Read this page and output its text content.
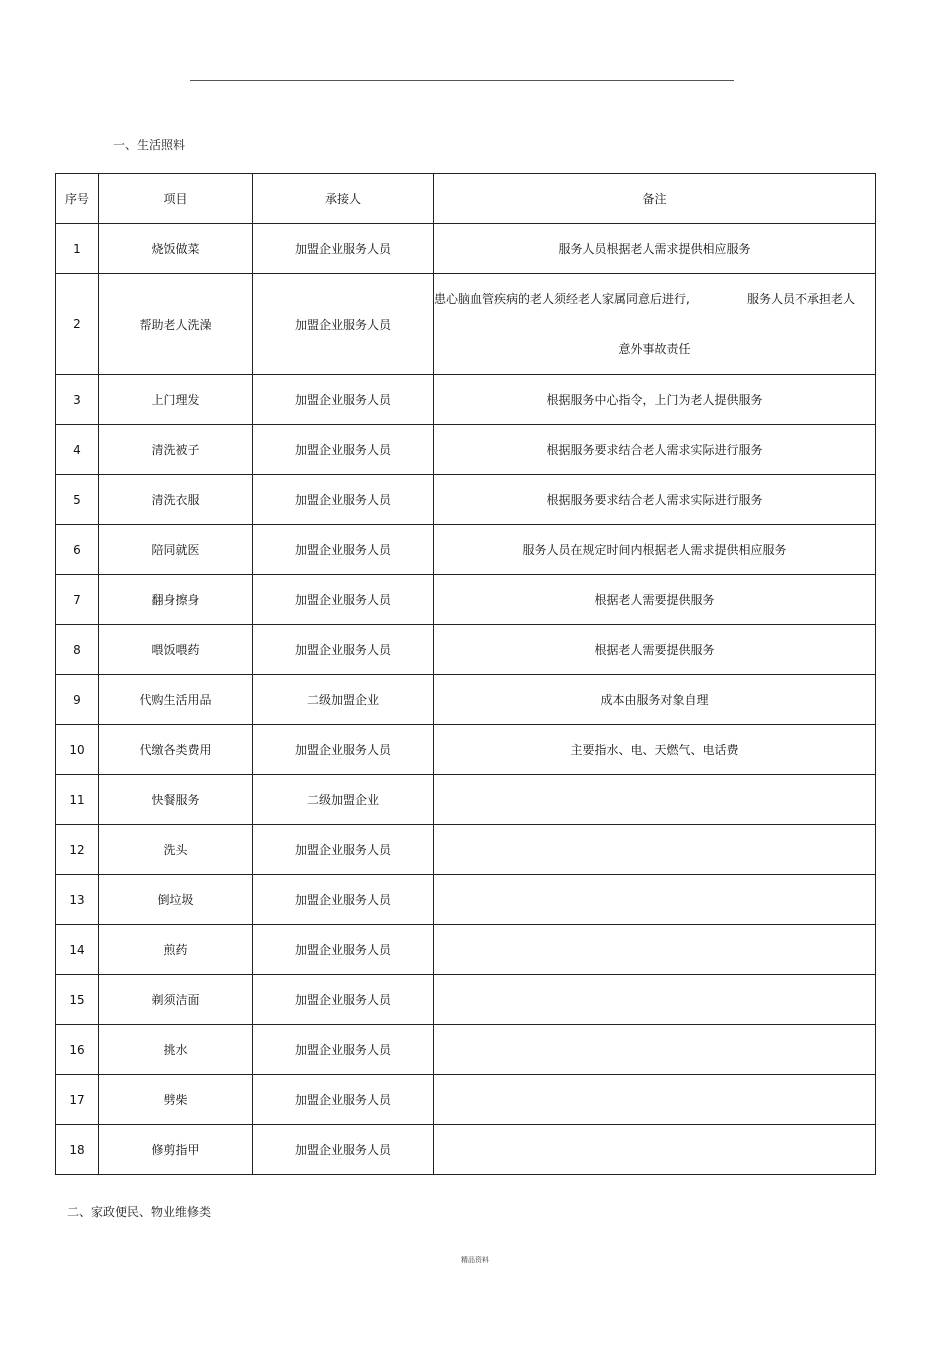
一、生活照料
序号	项目	承接人	备注
1	烧饭做菜	加盟企业服务人员	服务人员根据老人需求提供相应服务
2	帮助老人洗澡	加盟企业服务人员	患心脑血管疾病的老人须经老人家属同意后进行, 服务人员不承担老人
意外事故责任

3	上门理发	加盟企业服务人员	根据服务中心指令，上门为老人提供服务
4	清洗被子	加盟企业服务人员	根据服务要求结合老人需求实际进行服务
5	清洗衣服	加盟企业服务人员	根据服务要求结合老人需求实际进行服务
6	陪同就医	加盟企业服务人员	服务人员在规定时间内根据老人需求提供相应服务
7	翻身擦身	加盟企业服务人员	根据老人需要提供服务
8	喂饭喂药	加盟企业服务人员	根据老人需要提供服务
9	代购生活用品	二级加盟企业	成本由服务对象自理
10	代缴各类费用	加盟企业服务人员	主要指水、电、天燃气、电话费
11	快餐服务	二级加盟企业	
12	洗头	加盟企业服务人员	
13	倒垃圾	加盟企业服务人员	
14	煎药	加盟企业服务人员	
15	剃须洁面	加盟企业服务人员	
16	挑水	加盟企业服务人员	
17	劈柴	加盟企业服务人员	
18	修剪指甲	加盟企业服务人员	
二、家政便民、物业维修类
精品资料
